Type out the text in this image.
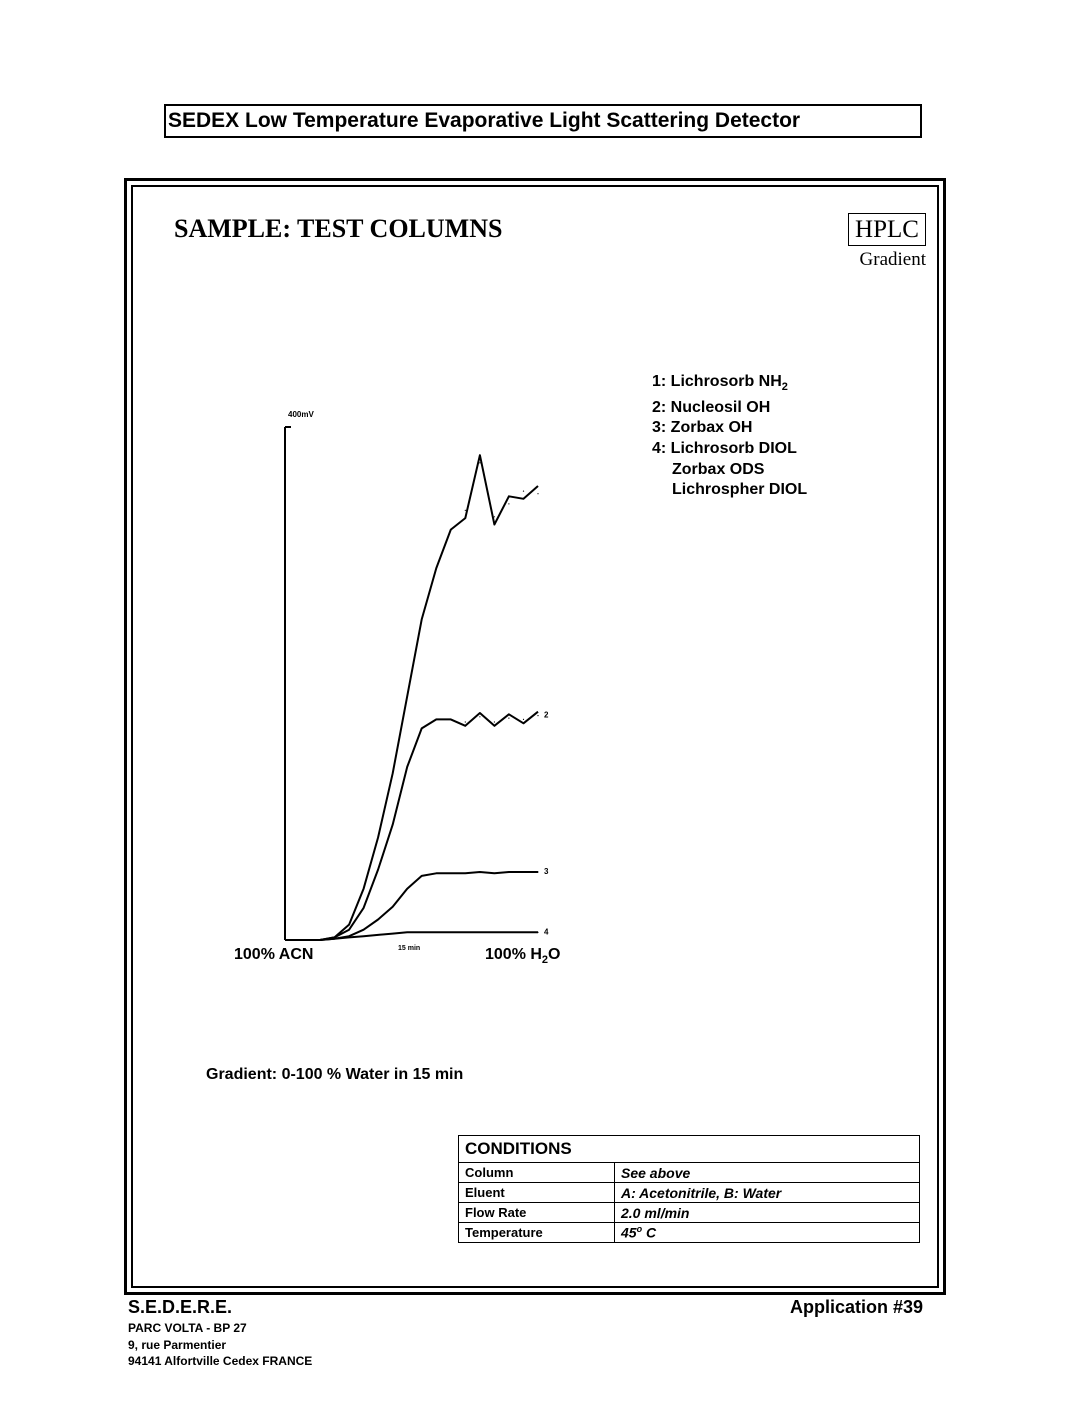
SEDEX Low Temperature Evaporative Light Scattering Detector
SAMPLE: TEST COLUMNS	HPLC
Gradient
1: Lichrosorb $NH_2$
2: Nucleosil OH
3: Zorbax OH
4: Lichrosorb DIOL
Zorbax ODS
Lichrospher DIOL
400mV
15 min
2
3
4
100% ACN	100% $H_2O$
Gradient: 0-100 % Water in 15 min
CONDITIONS	
Column	See above
Eluent	A: Acetonitrile, B: Water
Flow Rate	2.0 ml/min
Temperature	45$^o$ C
S.E.D.E.R.E.
PARC VOLTA - BP 27
9, rue Parmentier
94141 Alfortville Cedex FRANCE
Application #39
